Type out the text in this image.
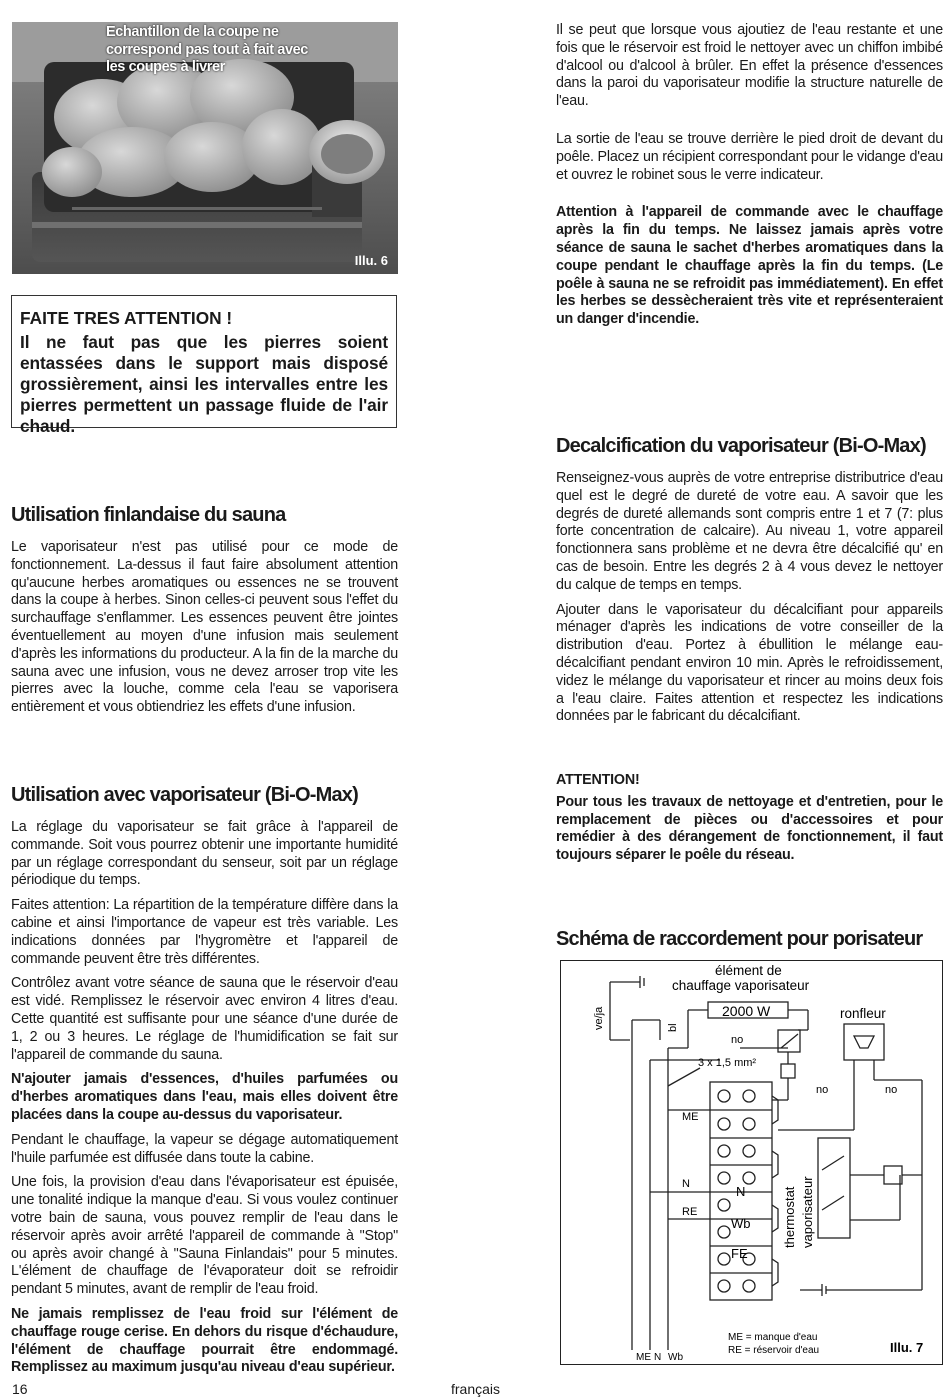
Echantillon de la coupe ne
correspond pas tout à fait avec
les coupes à livrer
Illu. 6

FAITE TRES ATTENTION !

Il ne faut pas que les pierres soient entassées dans le support mais disposé grossièrement, ainsi les intervalles entre les pierres permettent un passage fluide de l'air chaud.

Utilisation finlandaise du sauna

Le vaporisateur n'est pas utilisé pour ce mode de fonctionnement. La-dessus il faut faire absolument attention qu'aucune herbes aromatiques ou essences ne se trouvent dans la coupe à herbes. Sinon celles-ci peuvent sous l'effet du surchauffage s'enflammer. Les essences peuvent être jointes éventuellement au moyen d'une infusion mais seulement d'après les informations du producteur. A la fin de la marche du sauna avec une infusion, vous ne devez arroser trop vite les pierres avec la louche, comme cela l'eau se vaporisera entièrement et vous obtiendriez les effets d'une infusion.

Utilisation avec vaporisateur (Bi-O-Max)

La réglage du vaporisateur se fait grâce à l'appareil de commande. Soit vous pourrez obtenir une importante humidité par un réglage correspondant du senseur, soit par un réglage périodique du temps.

Faites attention: La répartition de la température diffère dans la cabine et ainsi l'importance de vapeur est très variable. Les indications données par l'hygromètre et l'appareil de commande peuvent être très différentes.

Contrôlez avant votre séance de sauna que le réservoir d'eau est vidé. Remplissez le réservoir avec environ 4 litres d'eau. Cette quantité est suffisante pour une séance d'une durée de 1, 2 ou 3 heures. Le réglage de l'humidification se fait sur l'appareil de commande du sauna.

N'ajouter jamais d'essences, d'huiles parfumées ou d'herbes aromatiques dans l'eau, mais elles doivent être placées dans la coupe au-dessus du vaporisateur.

Pendant le chauffage, la vapeur se dégage automatiquement l'huile parfumée est diffusée dans toute la cabine.

Une fois, la provision d'eau dans l'évaporisateur est épuisée, une tonalité indique la manque d'eau. Si vous voulez continuer votre bain de sauna, vous pouvez remplir de l'eau dans le réservoir après avoir arrêté l'appareil de commande à "Stop" ou après avoir changé à "Sauna Finlandais" pour 5 minutes. L'élément de chauffage de l'évaporateur doit se refroidir pendant 5 minutes, avant de remplir de l'eau froid.

Ne jamais remplissez de l'eau froid sur l'élément de chauffage rouge cerise. En dehors du risque d'échaudure, l'élément de chauffage pourrait être endommagé. Remplissez au maximum jusqu'au niveau d'eau supérieur.

Il se peut que lorsque vous ajoutiez de l'eau restante et une fois que le réservoir est froid le nettoyer avec un chiffon imbibé d'alcool ou d'alcool à brûler. En effet la présence d'essences dans la paroi du vaporisateur modifie la structure naturelle de l'eau.

La sortie de l'eau se trouve derrière le pied droit de devant du poêle. Placez un récipient correspondant pour le vidange d'eau et ouvrez le robinet sous le verre indicateur.

Attention à l'appareil de commande avec le chauffage après la fin du temps. Ne laissez jamais après votre séance de sauna le sachet d'herbes aromatiques dans la coupe pendant le chauffage après la fin du temps. (Le poêle à sauna ne se refroidit pas immédiatement). En effet les herbes se dessècheraient très vite et représenteraient un danger d'incendie.

Decalcification du vaporisateur (Bi-O-Max)

Renseignez-vous auprès de votre entreprise distributrice d'eau quel est le degré de dureté de votre eau. A savoir que les degrés de dureté allemands sont compris entre 1 et 7 (7: plus forte concentration de calcaire). Au niveau 1, votre appareil fonctionnera sans problème et ne devra être décalcifié qu' en cas de besoin. Entre les degrés 2 à 4 vous devez le nettoyer du calque de temps en temps.

Ajouter dans le vaporisateur du décalcifiant pour appareils ménager d'après les indications de votre conseiller de la distribution d'eau. Portez à ébullition le mélange eau-décalcifiant pendant environ 10 min. Après le refroidissement, videz le mélange du vaporisateur et rincer au moins deux fois a l'eau claire. Faites attention et respectez les indications données par le fabricant du décalcifiant.

ATTENTION!

Pour tous les travaux de nettoyage et d'entretien, pour le remplacement de pièces ou d'accessoires et pour remédier à des dérangement de fonctionnement, il faut toujours séparer le poêle du réseau.

Schéma de raccordement pour porisateur
élément de
chauffage vaporisateur
2000 W	ronfleur
ve/ja	bl
no
no	no
3 x 1,5 mm²
ME
N
RE
N
Wb
FE
thermostat vaporisateur
ME N Wb
ME = manque d'eau
RE = réservoir d'eau	Illu. 7
16	français
